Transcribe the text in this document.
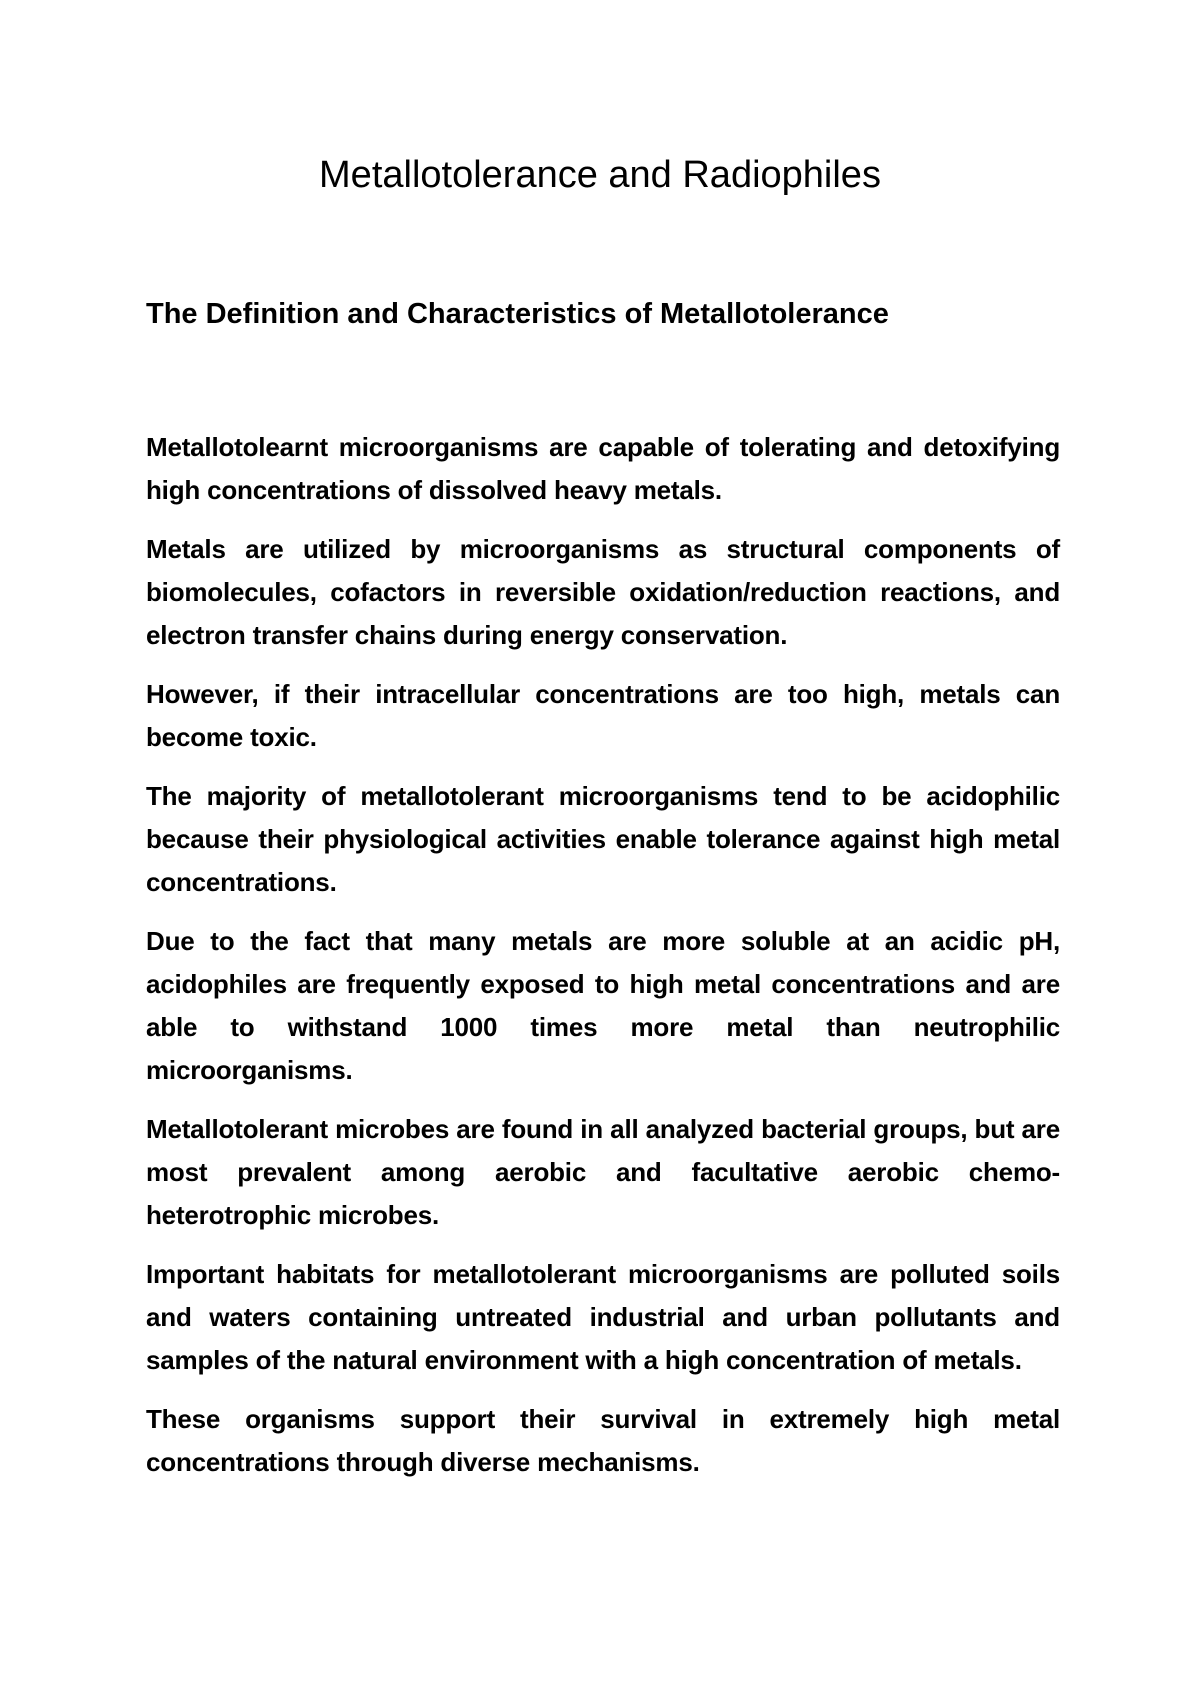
Metallotolerance and Radiophiles
The Definition and Characteristics of Metallotolerance

Metallotolearnt microorganisms are capable of tolerating and detoxifying high concentrations of dissolved heavy metals.

Metals are utilized by microorganisms as structural components of biomolecules, cofactors in reversible oxidation/reduction reactions, and electron transfer chains during energy conservation.

However, if their intracellular concentrations are too high, metals can become toxic.

The majority of metallotolerant microorganisms tend to be acidophilic because their physiological activities enable tolerance against high metal concentrations.

Due to the fact that many metals are more soluble at an acidic pH, acidophiles are frequently exposed to high metal concentrations and are able to withstand 1000 times more metal than neutrophilic microorganisms.

Metallotolerant microbes are found in all analyzed bacterial groups, but are most prevalent among aerobic and facultative aerobic chemo-heterotrophic microbes.

Important habitats for metallotolerant microorganisms are polluted soils and waters containing untreated industrial and urban pollutants and samples of the natural environment with a high concentration of metals.

These organisms support their survival in extremely high metal concentrations through diverse mechanisms.
